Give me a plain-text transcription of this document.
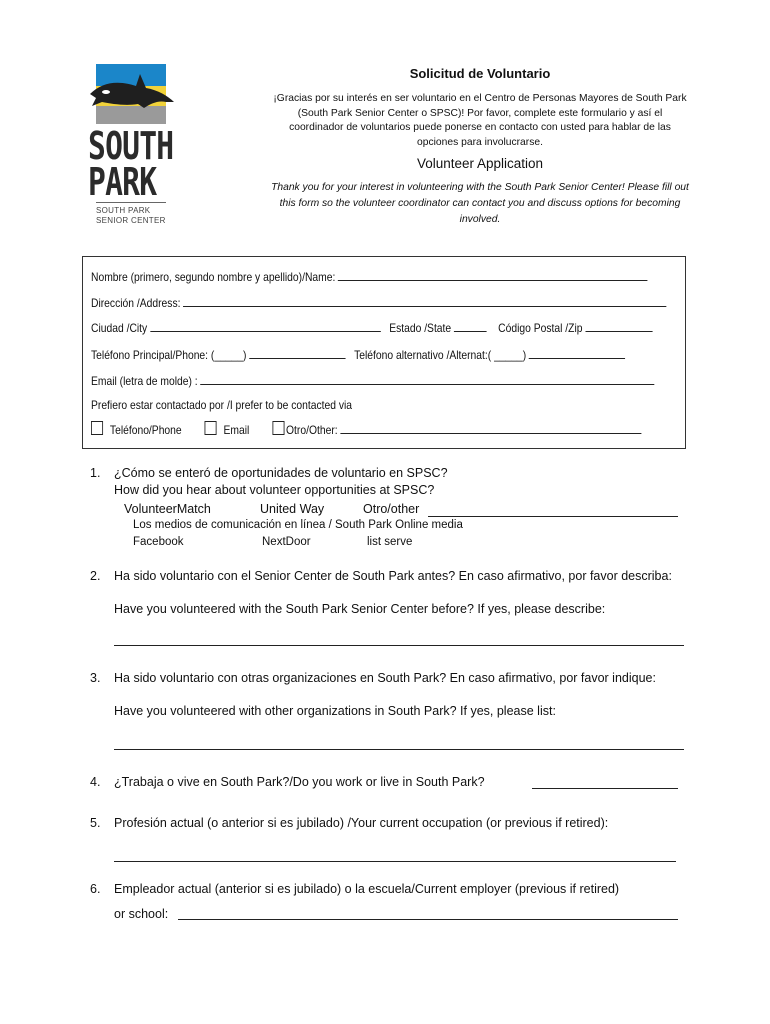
SOUTH
PARK
SOUTH PARK
SENIOR CENTER
Solicitud de Voluntario
¡Gracias por su interés en ser voluntario en el Centro de Personas Mayores de South Park (South Park Senior Center o SPSC)! Por favor, complete este formulario y así el coordinador de voluntarios puede ponerse en contacto con usted para hablar de las opciones para involucrarse.
Volunteer Application
Thank you for your interest in volunteering with the South Park Senior Center! Please fill out this form so the volunteer coordinator can contact you and discuss options for becoming involved.
Nombre (primero, segundo nombre y apellido)/Name:
Dirección /Address:
Ciudad /City	Estado /State	Código Postal /Zip
Teléfono Principal/Phone: (_____)	Teléfono alternativo /Alternat:( _____)
Email (letra de molde) :
Prefiero estar contactado por /I prefer to be contacted via
Teléfono/Phone	Email	Otro/Other:
1. ¿Cómo se enteró de oportunidades de voluntario en SPSC?
How did you hear about volunteer opportunities at SPSC?
VolunteerMatch	United Way	Otro/other
Los medios de comunicación en línea / South Park Online media
Facebook	NextDoor	list serve
2. Ha sido voluntario con el Senior Center de South Park antes? En caso afirmativo, por favor describa:
Have you volunteered with the South Park Senior Center before? If yes, please describe:
3. Ha sido voluntario con otras organizaciones en South Park? En caso afirmativo, por favor indique:
Have you volunteered with other organizations in South Park? If yes, please list:
4. ¿Trabaja o vive en South Park?/Do you work or live in South Park?
5. Profesión actual (o anterior si es jubilado) /Your current occupation (or previous if retired):
6. Empleador actual (anterior si es jubilado) o la escuela/Current employer (previous if retired)
or school:
